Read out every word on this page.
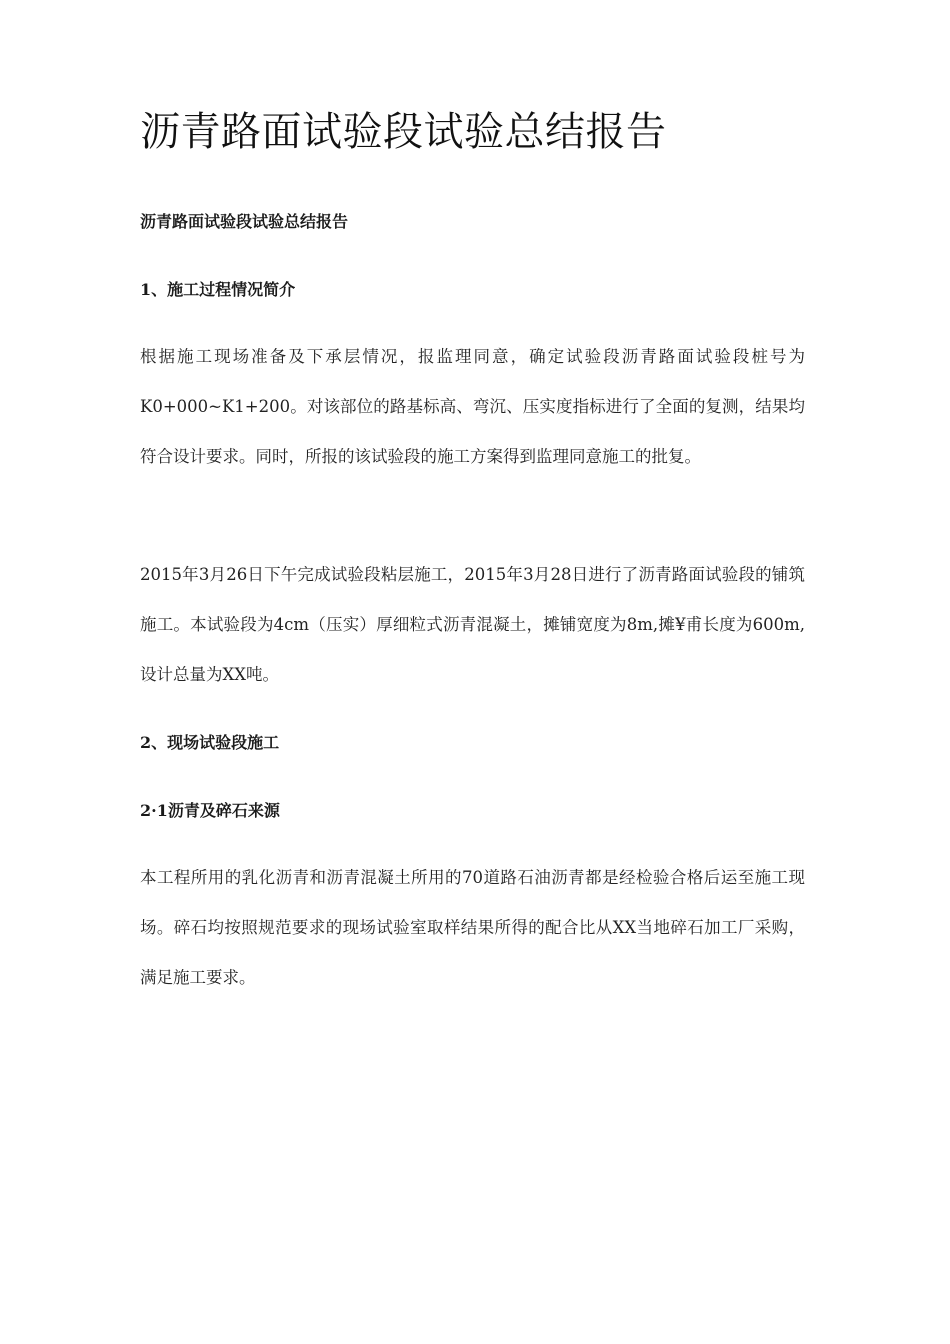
沥青路面试验段试验总结报告
沥青路面试验段试验总结报告
1、施工过程情况简介

根据施工现场准备及下承层情况，报监理同意，确定试验段沥青路面试验段桩号为K0+000~K1+200。对该部位的路基标高、弯沉、压实度指标进行了全面的复测，结果均符合设计要求。同时，所报的该试验段的施工方案得到监理同意施工的批复。

2015年3月26日下午完成试验段粘层施工，2015年3月28日进行了沥青路面试验段的铺筑施工。本试验段为4cm（压实）厚细粒式沥青混凝土，摊铺宽度为8m,摊¥甫长度为600m,设计总量为XX吨。

2、现场试验段施工
2·1沥青及碎石来源

本工程所用的乳化沥青和沥青混凝土所用的70道路石油沥青都是经检验合格后运至施工现场。碎石均按照规范要求的现场试验室取样结果所得的配合比从XX当地碎石加工厂采购，满足施工要求。
